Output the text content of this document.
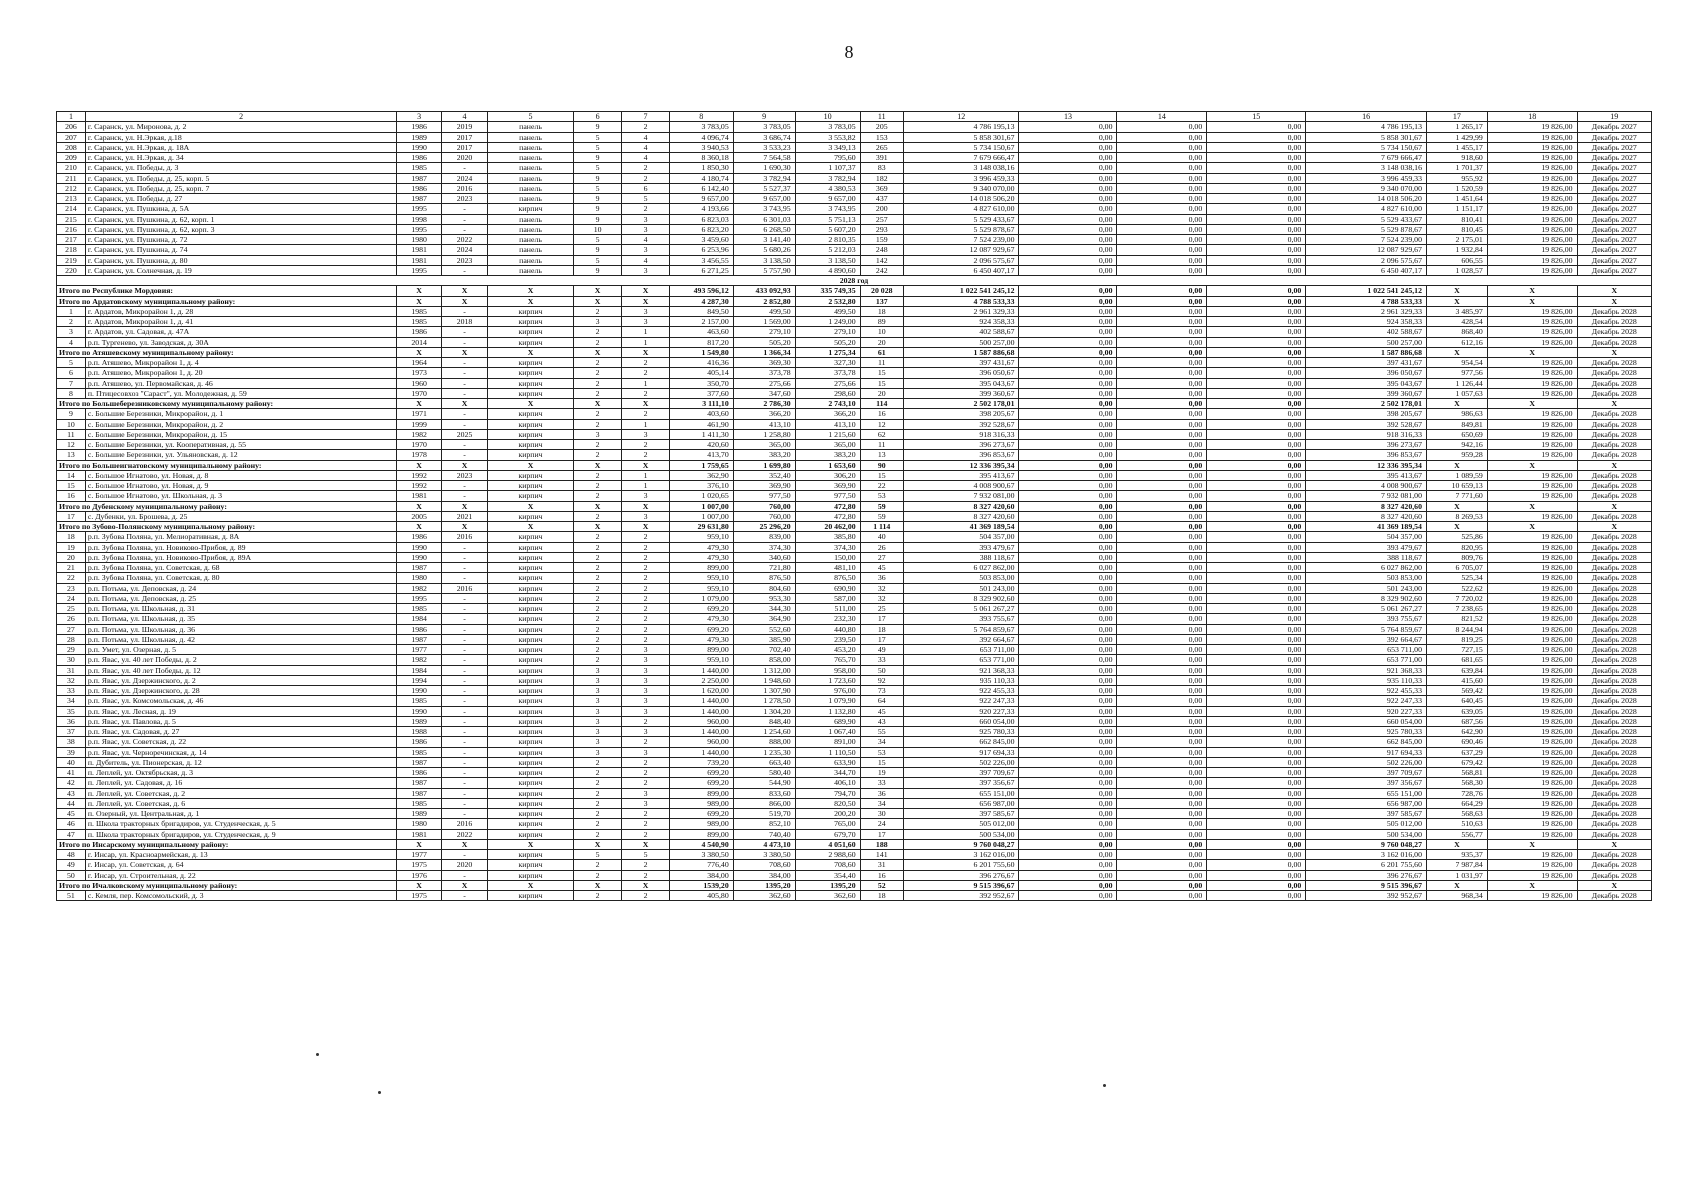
8
1	2	3	4	5	6	7	8	9	10	11	12	13	14	15	16	17	18	19
206	г. Саранск, ул. Миронова, д. 2	1986	2019	панель	9	2	3 783,05	3 783,05	3 783,05	205	4 786 195,13	0,00	0,00	0,00	4 786 195,13	1 265,17	19 826,00	Декабрь 2027
207	г. Саранск, ул. Н.Эркая, д.18	1989	2017	панель	5	4	4 096,74	3 686,74	3 553,82	153	5 858 301,67	0,00	0,00	0,00	5 858 301,67	1 429,99	19 826,00	Декабрь 2027
208	г. Саранск, ул. Н.Эркая, д. 18А	1990	2017	панель	5	4	3 940,53	3 533,23	3 349,13	265	5 734 150,67	0,00	0,00	0,00	5 734 150,67	1 455,17	19 826,00	Декабрь 2027
209	г. Саранск, ул. Н.Эркая, д. 34	1986	2020	панель	9	4	8 360,18	7 564,58	795,60	391	7 679 666,47	0,00	0,00	0,00	7 679 666,47	918,60	19 826,00	Декабрь 2027
210	г. Саранск, ул. Победы, д. 3	1985	-	панель	5	2	1 850,30	1 690,30	1 107,37	83	3 148 038,16	0,00	0,00	0,00	3 148 038,16	1 701,37	19 826,00	Декабрь 2027
211	г. Саранск, ул. Победы, д. 25, корп. 5	1987	2024	панель	9	2	4 180,74	3 782,94	3 782,94	182	3 996 459,33	0,00	0,00	0,00	3 996 459,33	955,92	19 826,00	Декабрь 2027
212	г. Саранск, ул. Победы, д. 25, корп. 7	1986	2016	панель	5	6	6 142,40	5 527,37	4 380,53	369	9 340 070,00	0,00	0,00	0,00	9 340 070,00	1 520,59	19 826,00	Декабрь 2027
213	г. Саранск, ул. Победы, д. 27	1987	2023	панель	9	5	9 657,00	9 657,00	9 657,00	437	14 018 506,20	0,00	0,00	0,00	14 018 506,20	1 451,64	19 826,00	Декабрь 2027
214	г. Саранск, ул. Пушкина, д. 5А	1995	-	кирпич	9	2	4 193,66	3 743,95	3 743,95	200	4 827 610,00	0,00	0,00	0,00	4 827 610,00	1 151,17	19 826,00	Декабрь 2027
215	г. Саранск, ул. Пушкина, д. 62, корп. 1	1998	-	панель	9	3	6 823,03	6 301,03	5 751,13	257	5 529 433,67	0,00	0,00	0,00	5 529 433,67	810,41	19 826,00	Декабрь 2027
216	г. Саранск, ул. Пушкина, д. 62, корп. 3	1995	-	панель	10	3	6 823,20	6 268,50	5 607,20	293	5 529 878,67	0,00	0,00	0,00	5 529 878,67	810,45	19 826,00	Декабрь 2027
217	г. Саранск, ул. Пушкина, д. 72	1980	2022	панель	5	4	3 459,60	3 141,40	2 810,35	159	7 524 239,00	0,00	0,00	0,00	7 524 239,00	2 175,01	19 826,00	Декабрь 2027
218	г. Саранск, ул. Пушкина, д. 74	1981	2024	панель	9	3	6 253,96	5 680,26	5 212,03	248	12 087 929,67	0,00	0,00	0,00	12 087 929,67	1 932,84	19 826,00	Декабрь 2027
219	г. Саранск, ул. Пушкина, д. 80	1981	2023	панель	5	4	3 456,55	3 138,50	3 138,50	142	2 096 575,67	0,00	0,00	0,00	2 096 575,67	606,55	19 826,00	Декабрь 2027
220	г. Саранск, ул. Солнечная, д. 19	1995	-	панель	9	3	6 271,25	5 757,90	4 890,60	242	6 450 407,17	0,00	0,00	0,00	6 450 407,17	1 028,57	19 826,00	Декабрь 2027
2028 год																		
Итого по Республике Мордовия:		X	X	X	X	X	493 596,12	433 092,93	335 749,35	20 028	1 022 541 245,12	0,00	0,00	0,00	1 022 541 245,12	X	X	X
Итого по Ардатовскому муниципальному району:		X	X	X	X	X	4 287,30	2 852,80	2 532,80	137	4 788 533,33	0,00	0,00	0,00	4 788 533,33	X	X	X
1	г. Ардатов, Микрорайон 1, д. 28	1985	-	кирпич	2	3	849,50	499,50	499,50	18	2 961 329,33	0,00	0,00	0,00	2 961 329,33	3 485,97	19 826,00	Декабрь 2028
2	г. Ардатов, Микрорайон 1, д. 41	1985	2018	кирпич	3	3	2 157,00	1 569,00	1 249,00	89	924 358,33	0,00	0,00	0,00	924 358,33	428,54	19 826,00	Декабрь 2028
3	г. Ардатов, ул. Садовая, д. 47А	1986	-	кирпич	2	1	463,60	279,10	279,10	10	402 588,67	0,00	0,00	0,00	402 588,67	868,40	19 826,00	Декабрь 2028
4	р.п. Тургенево, ул. Заводская, д. 30А	2014	-	кирпич	2	1	817,20	505,20	505,20	20	500 257,00	0,00	0,00	0,00	500 257,00	612,16	19 826,00	Декабрь 2028
Итого по Атяшевскому муниципальному району:		X	X	X	X	X	1 549,80	1 366,34	1 275,34	61	1 587 886,68	0,00	0,00	0,00	1 587 886,68	X	X	X
5	р.п. Атяшево, Микрорайон 1, д. 4	1964	-	кирпич	2	2	416,36	369,30	327,30	11	397 431,67	0,00	0,00	0,00	397 431,67	954,54	19 826,00	Декабрь 2028
6	р.п. Атяшево, Микрорайон 1, д. 20	1973	-	кирпич	2	2	405,14	373,78	373,78	15	396 050,67	0,00	0,00	0,00	396 050,67	977,56	19 826,00	Декабрь 2028
7	р.п. Атяшево, ул. Первомайская, д. 46	1960	-	кирпич	2	1	350,70	275,66	275,66	15	395 043,67	0,00	0,00	0,00	395 043,67	1 126,44	19 826,00	Декабрь 2028
8	п. Птицесовхоз "Сараст", ул. Молодежная, д. 59	1970	-	кирпич	2	2	377,60	347,60	298,60	20	399 360,67	0,00	0,00	0,00	399 360,67	1 057,63	19 826,00	Декабрь 2028
Итого по Большеберезниковскому муниципальному району:		X	X	X	X	X	3 111,10	2 786,30	2 743,10	114	2 502 178,01	0,00	0,00	0,00	2 502 178,01	X	X	X
9	с. Большие Березники, Микрорайон, д. 1	1971	-	кирпич	2	2	403,60	366,20	366,20	16	398 205,67	0,00	0,00	0,00	398 205,67	986,63	19 826,00	Декабрь 2028
10	с. Большие Березники, Микрорайон, д. 2	1999	-	кирпич	2	1	461,90	413,10	413,10	12	392 528,67	0,00	0,00	0,00	392 528,67	849,81	19 826,00	Декабрь 2028
11	с. Большие Березники, Микрорайон, д. 15	1982	2025	кирпич	3	3	1 411,30	1 258,80	1 215,60	62	918 316,33	0,00	0,00	0,00	918 316,33	650,69	19 826,00	Декабрь 2028
12	с. Большие Березники, ул. Кооперативная, д. 55	1970	-	кирпич	2	2	420,60	365,00	365,00	11	396 273,67	0,00	0,00	0,00	396 273,67	942,16	19 826,00	Декабрь 2028
13	с. Большие Березники, ул. Ульяновская, д. 12	1978	-	кирпич	2	2	413,70	383,20	383,20	13	396 853,67	0,00	0,00	0,00	396 853,67	959,28	19 826,00	Декабрь 2028
Итого по Большеигнатовскому муниципальному району:		X	X	X	X	X	1 759,65	1 699,80	1 653,60	90	12 336 395,34	0,00	0,00	0,00	12 336 395,34	X	X	X
14	с. Большое Игнатово, ул. Новая, д. 8	1992	2023	кирпич	2	1	362,90	352,40	306,20	15	395 413,67	0,00	0,00	0,00	395 413,67	1 089,59	19 826,00	Декабрь 2028
15	с. Большое Игнатово, ул. Новая, д. 9	1992	-	кирпич	2	1	376,10	369,90	369,90	22	4 008 900,67	0,00	0,00	0,00	4 008 900,67	10 659,13	19 826,00	Декабрь 2028
16	с. Большое Игнатово, ул. Школьная, д. 3	1981	-	кирпич	2	3	1 020,65	977,50	977,50	53	7 932 081,00	0,00	0,00	0,00	7 932 081,00	7 771,60	19 826,00	Декабрь 2028
Итого по Дубенскому муниципальному району:		X	X	X	X	X	1 007,00	760,00	472,80	59	8 327 420,60	0,00	0,00	0,00	8 327 420,60	X	X	X
17	с. Дубенки, ул. Брошева, д. 25	2005	2021	кирпич	2	3	1 007,00	760,00	472,80	59	8 327 420,60	0,00	0,00	0,00	8 327 420,60	8 269,53	19 826,00	Декабрь 2028
Итого по Зубово-Полянскому муниципальному району:		X	X	X	X	X	29 631,80	25 296,20	20 462,00	1 114	41 369 189,54	0,00	0,00	0,00	41 369 189,54	X	X	X
18	р.п. Зубова Поляна, ул. Мелиоративная, д. 8А	1986	2016	кирпич	2	2	959,10	839,00	385,80	40	504 357,00	0,00	0,00	0,00	504 357,00	525,86	19 826,00	Декабрь 2028
19	р.п. Зубова Поляна, ул. Новиково-Прибоя, д. 89	1990	-	кирпич	2	2	479,30	374,30	374,30	26	393 479,67	0,00	0,00	0,00	393 479,67	820,95	19 826,00	Декабрь 2028
20	р.п. Зубова Поляна, ул. Новиково-Прибоя, д. 89А	1990	-	кирпич	2	2	479,30	340,60	150,00	27	388 118,67	0,00	0,00	0,00	388 118,67	809,76	19 826,00	Декабрь 2028
21	р.п. Зубова Поляна, ул. Советская, д. 68	1987	-	кирпич	2	2	899,00	721,80	481,10	45	6 027 862,00	0,00	0,00	0,00	6 027 862,00	6 705,07	19 826,00	Декабрь 2028
22	р.п. Зубова Поляна, ул. Советская, д. 80	1980	-	кирпич	2	2	959,10	876,50	876,50	36	503 853,00	0,00	0,00	0,00	503 853,00	525,34	19 826,00	Декабрь 2028
23	р.п. Потьма, ул. Деповская, д. 24	1982	2016	кирпич	2	2	959,10	804,60	690,90	32	501 243,00	0,00	0,00	0,00	501 243,00	522,62	19 826,00	Декабрь 2028
24	р.п. Потьма, ул. Деповская, д. 25	1995	-	кирпич	2	2	1 079,00	953,30	587,00	32	8 329 902,60	0,00	0,00	0,00	8 329 902,60	7 720,02	19 826,00	Декабрь 2028
25	р.п. Потьма, ул. Школьная, д. 31	1985	-	кирпич	2	2	699,20	344,30	511,00	25	5 061 267,27	0,00	0,00	0,00	5 061 267,27	7 238,65	19 826,00	Декабрь 2028
26	р.п. Потьма, ул. Школьная, д. 35	1984	-	кирпич	2	2	479,30	364,90	232,30	17	393 755,67	0,00	0,00	0,00	393 755,67	821,52	19 826,00	Декабрь 2028
27	р.п. Потьма, ул. Школьная, д. 36	1986	-	кирпич	2	2	699,20	552,60	440,80	18	5 764 859,67	0,00	0,00	0,00	5 764 859,67	8 244,94	19 826,00	Декабрь 2028
28	р.п. Потьма, ул. Школьная, д. 42	1987	-	кирпич	2	2	479,30	385,90	239,50	17	392 664,67	0,00	0,00	0,00	392 664,67	819,25	19 826,00	Декабрь 2028
29	р.п. Умет, ул. Озерная, д. 5	1977	-	кирпич	2	3	899,00	702,40	453,20	49	653 711,00	0,00	0,00	0,00	653 711,00	727,15	19 826,00	Декабрь 2028
30	р.п. Явас, ул. 40 лет Победы, д. 2	1982	-	кирпич	2	3	959,10	858,00	765,70	33	653 771,00	0,00	0,00	0,00	653 771,00	681,65	19 826,00	Декабрь 2028
31	р.п. Явас, ул. 40 лет Победы, д. 12	1984	-	кирпич	3	3	1 440,00	1 312,00	958,00	50	921 368,33	0,00	0,00	0,00	921 368,33	639,84	19 826,00	Декабрь 2028
32	р.п. Явас, ул. Дзержинского, д. 2	1994	-	кирпич	3	3	2 250,00	1 948,60	1 723,60	92	935 110,33	0,00	0,00	0,00	935 110,33	415,60	19 826,00	Декабрь 2028
33	р.п. Явас, ул. Дзержинского, д. 28	1990	-	кирпич	3	3	1 620,00	1 307,90	976,00	73	922 455,33	0,00	0,00	0,00	922 455,33	569,42	19 826,00	Декабрь 2028
34	р.п. Явас, ул. Комсомольская, д. 46	1985	-	кирпич	3	3	1 440,00	1 278,50	1 079,90	64	922 247,33	0,00	0,00	0,00	922 247,33	640,45	19 826,00	Декабрь 2028
35	р.п. Явас, ул. Лесная, д. 19	1990	-	кирпич	3	3	1 440,00	1 304,20	1 132,80	45	920 227,33	0,00	0,00	0,00	920 227,33	639,05	19 826,00	Декабрь 2028
36	р.п. Явас, ул. Павлова, д. 5	1989	-	кирпич	3	2	960,00	848,40	689,90	43	660 054,00	0,00	0,00	0,00	660 054,00	687,56	19 826,00	Декабрь 2028
37	р.п. Явас, ул. Садовая, д. 27	1988	-	кирпич	3	3	1 440,00	1 254,60	1 067,40	55	925 780,33	0,00	0,00	0,00	925 780,33	642,90	19 826,00	Декабрь 2028
38	р.п. Явас, ул. Советская, д. 22	1986	-	кирпич	3	2	960,00	888,00	891,00	34	662 845,00	0,00	0,00	0,00	662 845,00	690,46	19 826,00	Декабрь 2028
39	р.п. Явас, ул. Черноречинская, д. 14	1985	-	кирпич	3	3	1 440,00	1 235,30	1 110,50	53	917 694,33	0,00	0,00	0,00	917 694,33	637,29	19 826,00	Декабрь 2028
40	п. Дубитель, ул. Пионерская, д. 12	1987	-	кирпич	2	2	739,20	663,40	633,90	15	502 226,00	0,00	0,00	0,00	502 226,00	679,42	19 826,00	Декабрь 2028
41	п. Леплей, ул. Октябрьская, д. 3	1986	-	кирпич	2	2	699,20	580,40	344,70	19	397 709,67	0,00	0,00	0,00	397 709,67	568,81	19 826,00	Декабрь 2028
42	п. Леплей, ул. Садовая, д. 16	1987	-	кирпич	2	2	699,20	544,90	406,10	33	397 356,67	0,00	0,00	0,00	397 356,67	568,30	19 826,00	Декабрь 2028
43	п. Леплей, ул. Советская, д. 2	1987	-	кирпич	2	3	899,00	833,60	794,70	36	655 151,00	0,00	0,00	0,00	655 151,00	728,76	19 826,00	Декабрь 2028
44	п. Леплей, ул. Советская, д. 6	1985	-	кирпич	2	3	989,00	866,00	820,50	34	656 987,00	0,00	0,00	0,00	656 987,00	664,29	19 826,00	Декабрь 2028
45	п. Озерный, ул. Центральная, д. 1	1989	-	кирпич	2	2	699,20	519,70	200,20	30	397 585,67	0,00	0,00	0,00	397 585,67	568,63	19 826,00	Декабрь 2028
46	п. Школа тракторных бригадиров, ул. Студенческая, д. 5	1980	2016	кирпич	2	2	989,00	852,10	765,00	24	505 012,00	0,00	0,00	0,00	505 012,00	510,63	19 826,00	Декабрь 2028
47	п. Школа тракторных бригадиров, ул. Студенческая, д. 9	1981	2022	кирпич	2	2	899,00	740,40	679,70	17	500 534,00	0,00	0,00	0,00	500 534,00	556,77	19 826,00	Декабрь 2028
Итого по Инсарскому муниципальному району:		X	X	X	X	X	4 540,90	4 473,10	4 051,60	188	9 760 048,27	0,00	0,00	0,00	9 760 048,27	X	X	X
48	г. Инсар, ул. Красноармейская, д. 13	1977	-	кирпич	5	5	3 380,50	3 380,50	2 988,60	141	3 162 016,00	0,00	0,00	0,00	3 162 016,00	935,37	19 826,00	Декабрь 2028
49	г. Инсар, ул. Советская, д. 64	1975	2020	кирпич	2	2	776,40	708,60	708,60	31	6 201 755,60	0,00	0,00	0,00	6 201 755,60	7 987,84	19 826,00	Декабрь 2028
50	г. Инсар, ул. Строительная, д. 22	1976	-	кирпич	2	2	384,00	384,00	354,40	16	396 276,67	0,00	0,00	0,00	396 276,67	1 031,97	19 826,00	Декабрь 2028
Итого по Ичалковскому муниципальному району:		X	X	X	X	X	1539,20	1395,20	1395,20	52	9 515 396,67	0,00	0,00	0,00	9 515 396,67	X	X	X
51	с. Кемля, пер. Комсомольский, д. 3	1975	-	кирпич	2	2	405,80	362,60	362,60	18	392 952,67	0,00	0,00	0,00	392 952,67	968,34	19 826,00	Декабрь 2028
